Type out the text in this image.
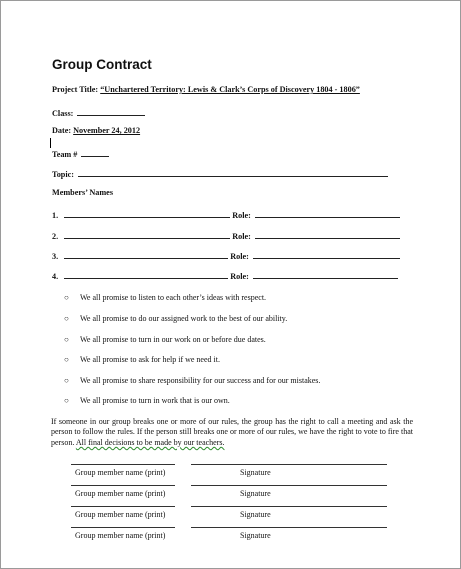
Group Contract
Project Title: “Unchartered Territory: Lewis & Clark’s Corps of Discovery 1804 - 1806”
Class:
Date: November 24, 2012
Team #
Topic:
Members’ Names
1.	Role:
2.	Role:
3.	Role:
4.	Role:
○ We all promise to listen to each other’s ideas with respect.
○ We all promise to do our assigned work to the best of our ability.
○ We all promise to turn in our work on or before due dates.
○ We all promise to ask for help if we need it.
○ We all promise to share responsibility for our success and for our mistakes.
○ We all promise to turn in work that is our own.
If someone in our group breaks one or more of our rules, the group has the right to call a meeting and ask the person to follow the rules. If the person still breaks one or more of our rules, we have the right to vote to fire that person. All final decisions to be made by our teachers.
Group member name (print)	Signature
Group member name (print)	Signature
Group member name (print)	Signature
Group member name (print)	Signature
